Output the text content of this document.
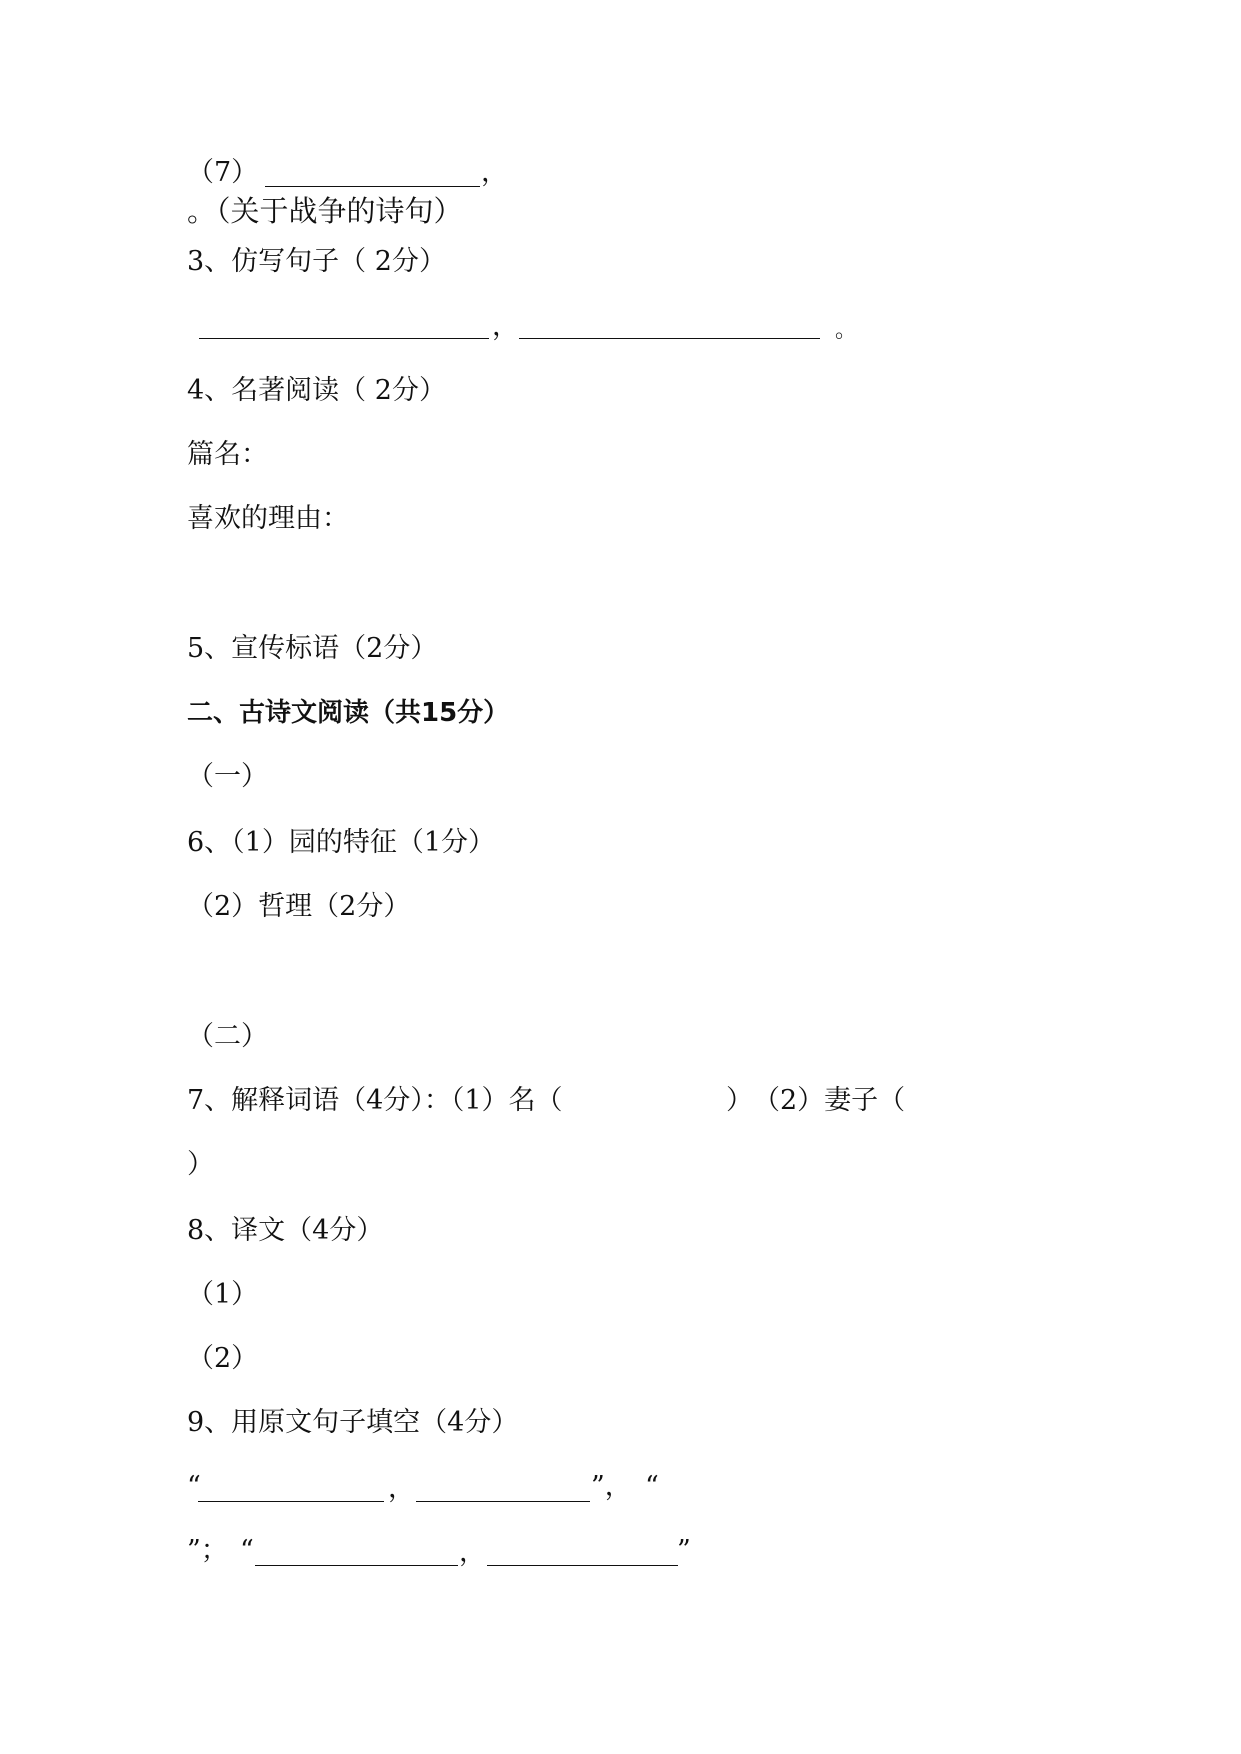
（7）	，
。（关于战争的诗句）
3、仿写句子（ 2分）
，	。
4、名著阅读（ 2分）
篇名：
喜欢的理由：
5、宣传标语（2分）
二、古诗文阅读（共15分）
（一）
6、（1）园的特征（1分）
（2）哲理（2分）
（二）
7、解释词语（4分）：（1）名（	）　（2）妻子（
）
8、译文（4分）
（1）
（2）
9、用原文句子填空（4分）
“	，	”， “
”； “	，	”
